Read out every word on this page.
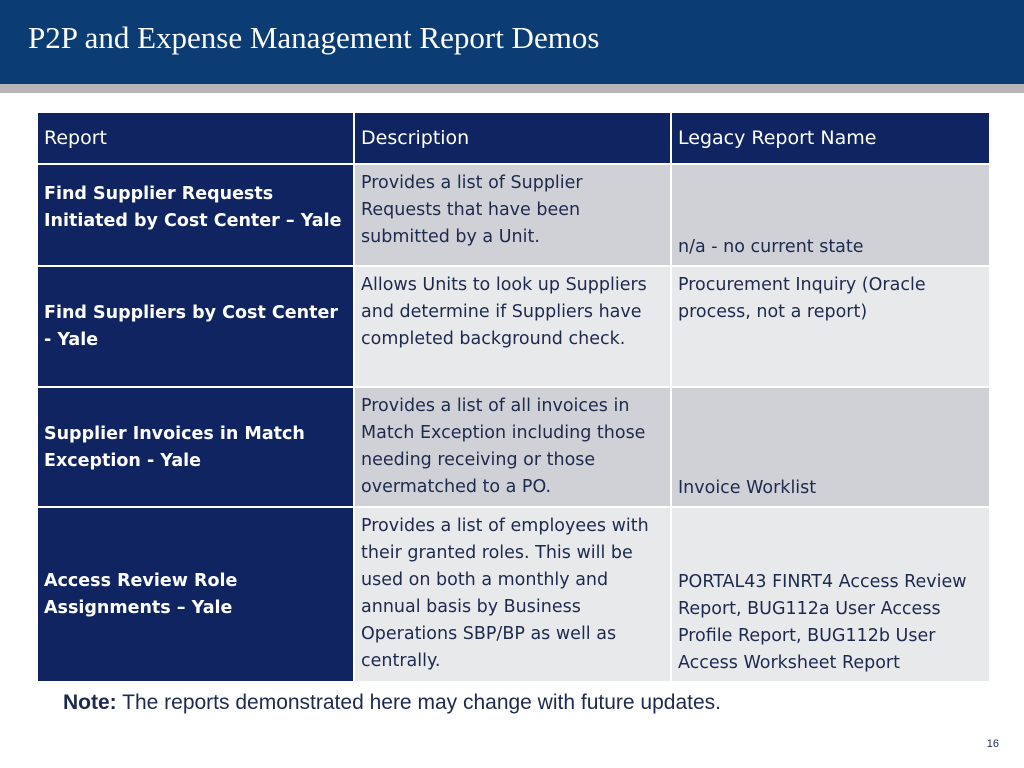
P2P and Expense Management Report Demos
Report	Description	Legacy Report Name
Find Supplier Requests Initiated by Cost Center – Yale	Provides a list of Supplier Requests that have been submitted by a Unit.	n/a - no current state
Find Suppliers by Cost Center - Yale	Allows Units to look up Suppliers and determine if Suppliers have completed background check.	Procurement Inquiry (Oracle process, not a report)
Supplier Invoices in Match Exception - Yale	Provides a list of all invoices in Match Exception including those needing receiving or those overmatched to a PO.	Invoice Worklist
Access Review Role Assignments – Yale	Provides a list of employees with their granted roles. This will be used on both a monthly and annual basis by Business Operations SBP/BP as well as centrally.	PORTAL43 FINRT4 Access Review Report, BUG112a User Access Profile Report, BUG112b User Access Worksheet Report
Note: The reports demonstrated here may change with future updates.
16
